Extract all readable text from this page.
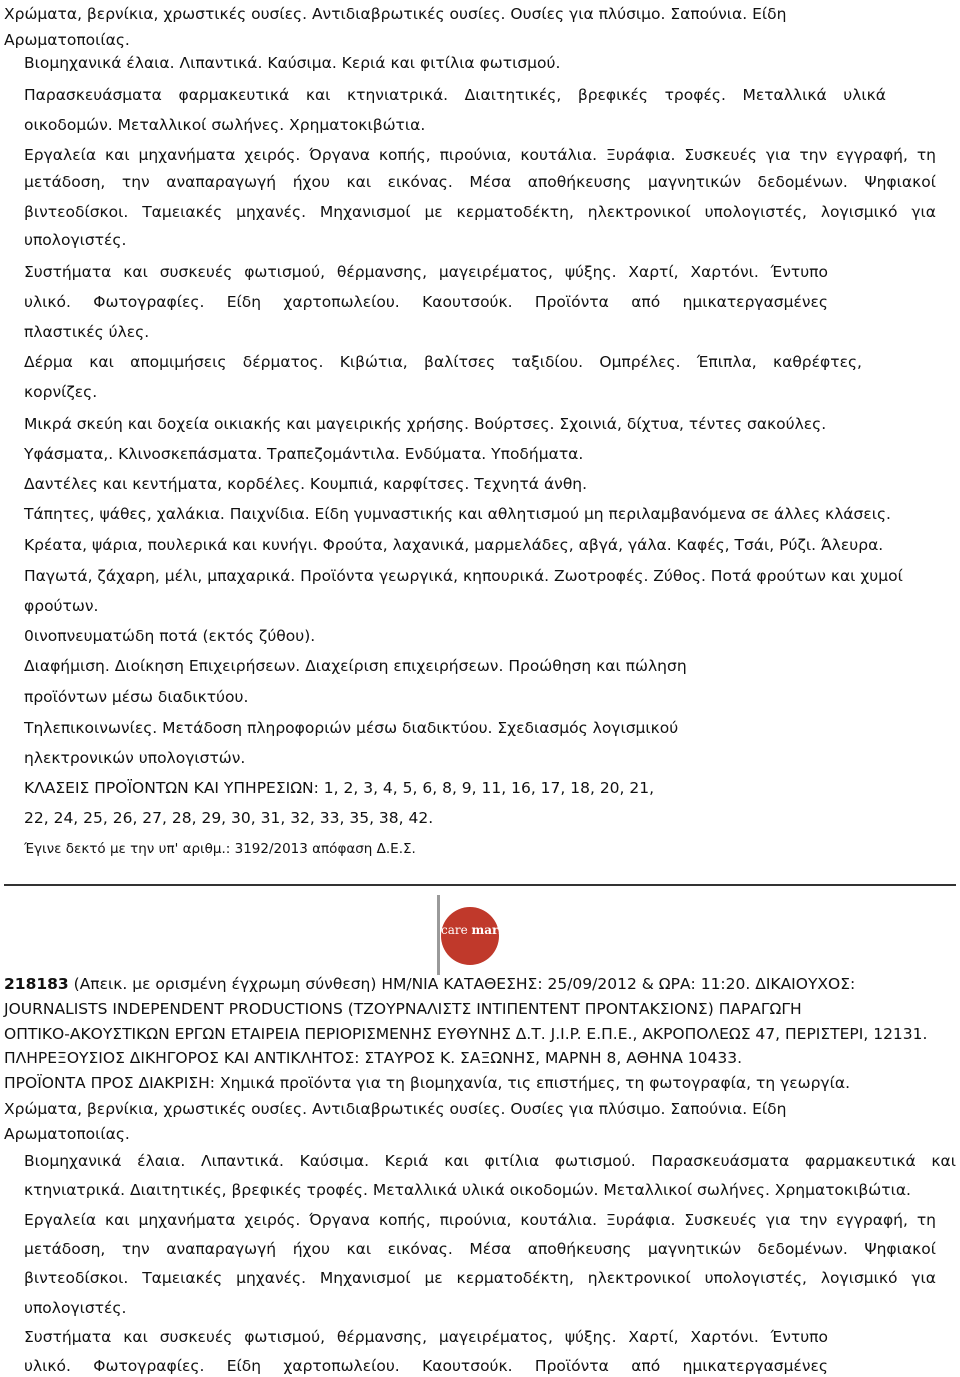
Χρώματα, βερνίκια, χρωστικές ουσίες. Αντιδιαβρωτικές ουσίες. Ουσίες για πλύσιμο. Σαπούνια. Είδη
Αρωματοποιίας.
Βιομηχανικά έλαια. Λιπαντικά. Καύσιμα. Κεριά και φιτίλια φωτισμού.
Παρασκευάσματα φαρμακευτικά και κτηνιατρικά. Διαιτητικές, βρεφικές τροφές. Μεταλλικά υλικά
οικοδομών. Μεταλλικοί σωλήνες. Χρηματοκιβώτια.
Εργαλεία και μηχανήματα χειρός. Όργανα κοπής, πιρούνια, κουτάλια. Ξυράφια. Συσκευές για την εγγραφή, τη
μετάδοση, την αναπαραγωγή ήχου και εικόνας. Μέσα αποθήκευσης μαγνητικών δεδομένων. Ψηφιακοί
βιντεοδίσκοι. Ταμειακές μηχανές. Μηχανισμοί με κερματοδέκτη, ηλεκτρονικοί υπολογιστές, λογισμικό για
υπολογιστές.
Συστήματα και συσκευές φωτισμού, θέρμανσης, μαγειρέματος, ψύξης. Χαρτί, Χαρτόνι. Έντυπο
υλικό. Φωτογραφίες. Είδη χαρτοπωλείου. Καουτσούκ. Προϊόντα από ημικατεργασμένες
πλαστικές ύλες.
Δέρμα και απομιμήσεις δέρματος. Κιβώτια, βαλίτσες ταξιδίου. Ομπρέλες. Έπιπλα, καθρέφτες,
κορνίζες.
Μικρά σκεύη και δοχεία οικιακής και μαγειρικής χρήσης. Βούρτσες. Σχοινιά, δίχτυα, τέντες σακούλες.
Υφάσματα,. Κλινοσκεπάσματα. Τραπεζομάντιλα. Ενδύματα. Υποδήματα.
Δαντέλες και κεντήματα, κορδέλες. Κουμπιά, καρφίτσες. Τεχνητά άνθη.
Τάπητες, ψάθες, χαλάκια. Παιχνίδια. Είδη γυμναστικής και αθλητισμού μη περιλαμβανόμενα σε άλλες κλάσεις.
Κρέατα, ψάρια, πουλερικά και κυνήγι. Φρούτα, λαχανικά, μαρμελάδες, αβγά, γάλα. Καφές, Τσάι, Ρύζι. Άλευρα.
Παγωτά, ζάχαρη, μέλι, μπαχαρικά. Προϊόντα γεωργικά, κηπουρικά. Ζωοτροφές. Ζύθος. Ποτά φρούτων και χυμοί
φρούτων.
0ινοπνευματώδη ποτά (εκτός ζύθου).
Διαφήμιση. Διοίκηση Επιχειρήσεων. Διαχείριση επιχειρήσεων. Προώθηση και πώληση
προϊόντων μέσω διαδικτύου.
Τηλεπικοινωνίες. Μετάδοση πληροφοριών μέσω διαδικτύου. Σχεδιασμός λογισμικού
ηλεκτρονικών υπολογιστών.
ΚΛΑΣΕΙΣ ΠΡΟΪΟΝΤΩΝ ΚΑΙ ΥΠΗΡΕΣΙΩΝ: 1, 2, 3, 4, 5, 6, 8, 9, 11, 16, 17, 18, 20, 21,
22, 24, 25, 26, 27, 28, 29, 30, 31, 32, 33, 35, 38, 42.
Έγινε δεκτό με την υπ' αριθμ.: 3192/2013 απόφαση Δ.Ε.Σ.
care market
218183 (Απεικ. με ορισμένη έγχρωμη σύνθεση) ΗΜ/ΝΙΑ ΚΑΤΑΘΕΣΗΣ: 25/09/2012 & ΩΡΑ: 11:20. ΔΙΚΑΙΟΥΧΟΣ:
JOURNALISTS INDEPENDENT PRODUCTIONS (ΤΖΟΥΡΝΑΛΙΣΤΣ ΙΝΤΙΠΕΝΤΕΝΤ ΠΡΟΝΤΑΚΣΙΟΝΣ) ΠΑΡΑΓΩΓΗ
ΟΠΤΙΚΟ-ΑΚΟΥΣΤΙΚΩΝ ΕΡΓΩΝ ΕΤΑΙΡΕΙΑ ΠΕΡΙΟΡΙΣΜΕΝΗΣ ΕΥΘΥΝΗΣ Δ.Τ. J.I.P. Ε.Π.Ε., ΑΚΡΟΠΟΛΕΩΣ 47, ΠΕΡΙΣΤΕΡΙ, 12131.
ΠΛΗΡΕΞΟΥΣΙΟΣ ΔΙΚΗΓΟΡΟΣ ΚΑΙ ΑΝΤΙΚΛΗΤΟΣ: ΣΤΑΥΡΟΣ Κ. ΣΑΞΩΝΗΣ, ΜΑΡΝΗ 8, ΑΘΗΝΑ 10433.
ΠΡΟΪΟΝΤΑ ΠΡΟΣ ΔΙΑΚΡΙΣΗ: Χημικά προϊόντα για τη βιομηχανία, τις επιστήμες, τη φωτογραφία, τη γεωργία.
Χρώματα, βερνίκια, χρωστικές ουσίες. Αντιδιαβρωτικές ουσίες. Ουσίες για πλύσιμο. Σαπούνια. Είδη
Αρωματοποιίας.
Βιομηχανικά έλαια. Λιπαντικά. Καύσιμα. Κεριά και φιτίλια φωτισμού. Παρασκευάσματα φαρμακευτικά και
κτηνιατρικά. Διαιτητικές, βρεφικές τροφές. Μεταλλικά υλικά οικοδομών. Μεταλλικοί σωλήνες. Χρηματοκιβώτια.
Εργαλεία και μηχανήματα χειρός. Όργανα κοπής, πιρούνια, κουτάλια. Ξυράφια. Συσκευές για την εγγραφή, τη
μετάδοση, την αναπαραγωγή ήχου και εικόνας. Μέσα αποθήκευσης μαγνητικών δεδομένων. Ψηφιακοί
βιντεοδίσκοι. Ταμειακές μηχανές. Μηχανισμοί με κερματοδέκτη, ηλεκτρονικοί υπολογιστές, λογισμικό για
υπολογιστές.
Συστήματα και συσκευές φωτισμού, θέρμανσης, μαγειρέματος, ψύξης. Χαρτί, Χαρτόνι. Έντυπο
υλικό. Φωτογραφίες. Είδη χαρτοπωλείου. Καουτσούκ. Προϊόντα από ημικατεργασμένες
